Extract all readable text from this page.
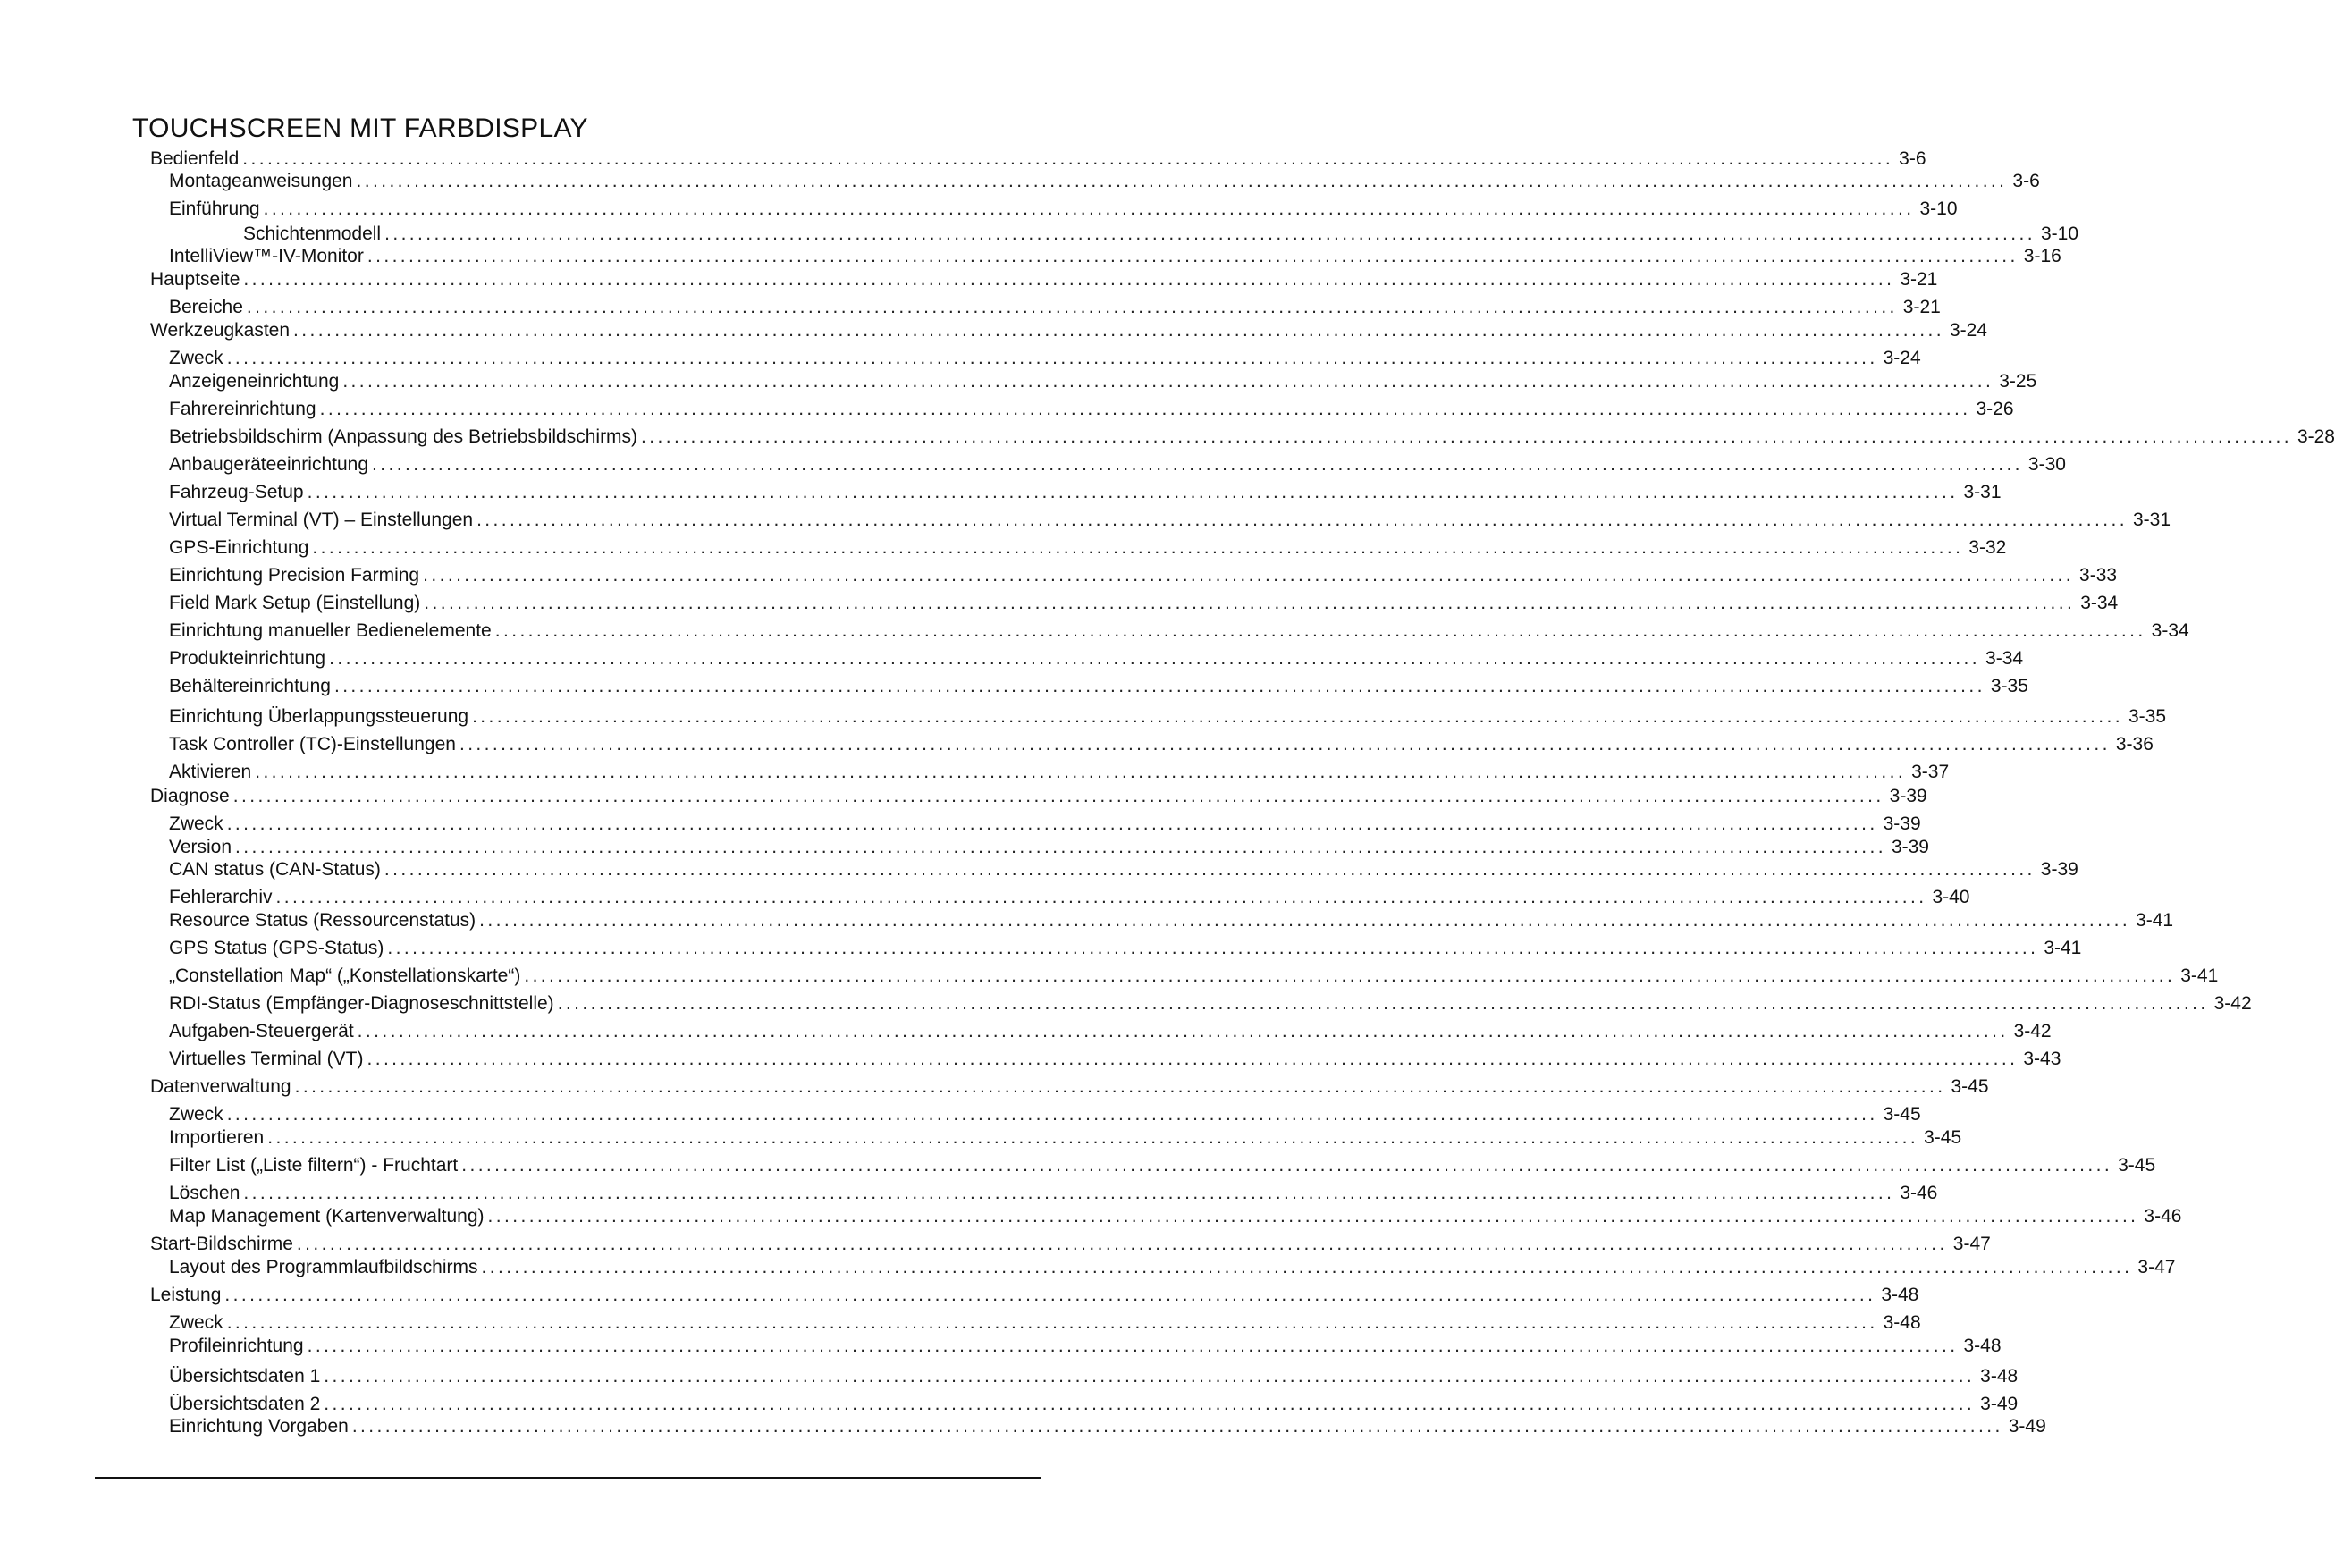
TOUCHSCREEN MIT FARBDISPLAY
Bedienfeld ........................................................................................................................................................................................................ 3-6
Montageanweisungen ........................................................................................................................................................................................................ 3-6
Einführung ........................................................................................................................................................................................................ 3-10
Schichtenmodell ........................................................................................................................................................................................................ 3-10
IntelliView™-IV-Monitor ........................................................................................................................................................................................................ 3-16
Hauptseite ........................................................................................................................................................................................................ 3-21
Bereiche ........................................................................................................................................................................................................ 3-21
Werkzeugkasten ........................................................................................................................................................................................................ 3-24
Zweck ........................................................................................................................................................................................................ 3-24
Anzeigeneinrichtung ........................................................................................................................................................................................................ 3-25
Fahrereinrichtung ........................................................................................................................................................................................................ 3-26
Betriebsbildschirm (Anpassung des Betriebsbildschirms) ........................................................................................................................................................................................................ 3-28
Anbaugeräteeinrichtung ........................................................................................................................................................................................................ 3-30
Fahrzeug-Setup ........................................................................................................................................................................................................ 3-31
Virtual Terminal (VT) – Einstellungen ........................................................................................................................................................................................................ 3-31
GPS-Einrichtung ........................................................................................................................................................................................................ 3-32
Einrichtung Precision Farming ........................................................................................................................................................................................................ 3-33
Field Mark Setup (Einstellung) ........................................................................................................................................................................................................ 3-34
Einrichtung manueller Bedienelemente ........................................................................................................................................................................................................ 3-34
Produkteinrichtung ........................................................................................................................................................................................................ 3-34
Behältereinrichtung ........................................................................................................................................................................................................ 3-35
Einrichtung Überlappungssteuerung ........................................................................................................................................................................................................ 3-35
Task Controller (TC)-Einstellungen ........................................................................................................................................................................................................ 3-36
Aktivieren ........................................................................................................................................................................................................ 3-37
Diagnose ........................................................................................................................................................................................................ 3-39
Zweck ........................................................................................................................................................................................................ 3-39
Version ........................................................................................................................................................................................................ 3-39
CAN status (CAN-Status) ........................................................................................................................................................................................................ 3-39
Fehlerarchiv ........................................................................................................................................................................................................ 3-40
Resource Status (Ressourcenstatus) ........................................................................................................................................................................................................ 3-41
GPS Status (GPS-Status) ........................................................................................................................................................................................................ 3-41
„Constellation Map“ („Konstellationskarte“) ........................................................................................................................................................................................................ 3-41
RDI-Status (Empfänger-Diagnoseschnittstelle) ........................................................................................................................................................................................................ 3-42
Aufgaben-Steuergerät ........................................................................................................................................................................................................ 3-42
Virtuelles Terminal (VT) ........................................................................................................................................................................................................ 3-43
Datenverwaltung ........................................................................................................................................................................................................ 3-45
Zweck ........................................................................................................................................................................................................ 3-45
Importieren ........................................................................................................................................................................................................ 3-45
Filter List („Liste filtern“) - Fruchtart ........................................................................................................................................................................................................ 3-45
Löschen ........................................................................................................................................................................................................ 3-46
Map Management (Kartenverwaltung) ........................................................................................................................................................................................................ 3-46
Start-Bildschirme ........................................................................................................................................................................................................ 3-47
Layout des Programmlaufbildschirms ........................................................................................................................................................................................................ 3-47
Leistung ........................................................................................................................................................................................................ 3-48
Zweck ........................................................................................................................................................................................................ 3-48
Profileinrichtung ........................................................................................................................................................................................................ 3-48
Übersichtsdaten 1 ........................................................................................................................................................................................................ 3-48
Übersichtsdaten 2 ........................................................................................................................................................................................................ 3-49
Einrichtung Vorgaben ........................................................................................................................................................................................................ 3-49
